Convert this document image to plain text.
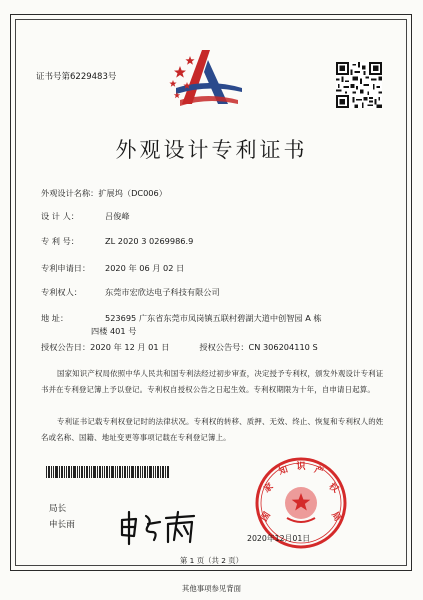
证书号第6229483号
外观设计专利证书
外观设计名称：扩展坞（DC006）
设 计 人：	吕俊峰
专 利 号：	ZL 2020 3 0269986.9
专利申请日： 2020 年 06 月 02 日
专利权人：	东莞市宏欣达电子科技有限公司
地 址：	523695 广东省东莞市凤岗镇五联村碧湖大道中创智园 A 栋
四楼 401 号
授权公告日：2020 年 12 月 01 日	授权公告号：CN 306204110 S
国家知识产权局依照中华人民共和国专利法经过初步审查，决定授予专利权，颁发外观设计专利证书并在专利登记簿上予以登记。专利权自授权公告之日起生效。专利权期限为十年，自申请日起算。
专利证书记载专利权登记时的法律状况。专利权的转移、质押、无效、终止、恢复和专利权人的姓名或名称、国籍、地址变更等事项记载在专利登记簿上。
局长
申长雨
国
家
知 识 产
权
局
2020年12月01日
第 1 页（共 2 页）
其他事项参见背面
